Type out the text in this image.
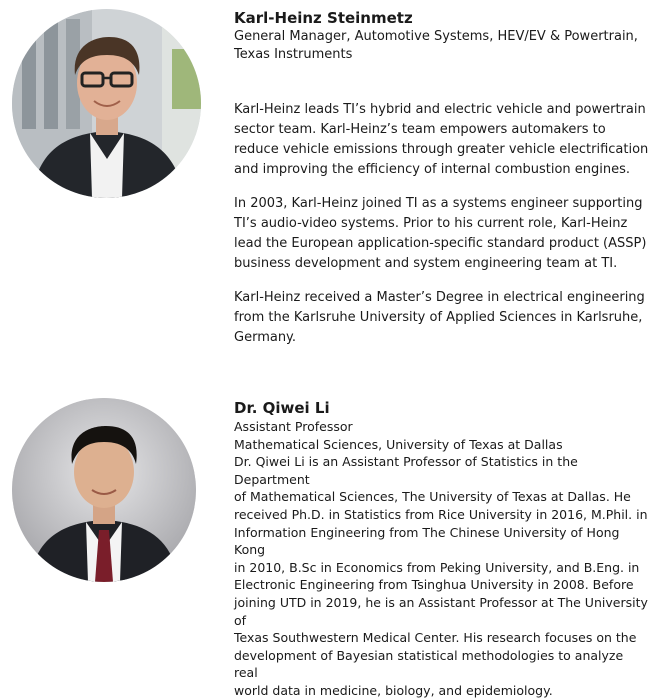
Karl-Heinz Steinmetz

General Manager, Automotive Systems, HEV/EV & Powertrain,

Texas Instruments

Karl-Heinz leads TI’s hybrid and electric vehicle and powertrain sector team. Karl-Heinz’s team empowers automakers to reduce vehicle emissions through greater vehicle electrification and improving the efficiency of internal combustion engines.

In 2003, Karl-Heinz joined TI as a systems engineer supporting TI’s audio-video systems. Prior to his current role, Karl-Heinz lead the European application-specific standard product (ASSP) business development and system engineering team at TI.

Karl-Heinz received a Master’s Degree in electrical engineering from the Karlsruhe University of Applied Sciences in Karlsruhe, Germany.

Dr. Qiwei Li

Assistant Professor

Mathematical Sciences, University of Texas at Dallas

Dr. Qiwei Li is an Assistant Professor of Statistics in the Department

of Mathematical Sciences, The University of Texas at Dallas. He

received Ph.D. in Statistics from Rice University in 2016, M.Phil. in

Information Engineering from The Chinese University of Hong Kong

in 2010, B.Sc in Economics from Peking University, and B.Eng. in

Electronic Engineering from Tsinghua University in 2008. Before

joining UTD in 2019, he is an Assistant Professor at The University of

Texas Southwestern Medical Center. His research focuses on the

development of Bayesian statistical methodologies to analyze real

world data in medicine, biology, and epidemiology.
